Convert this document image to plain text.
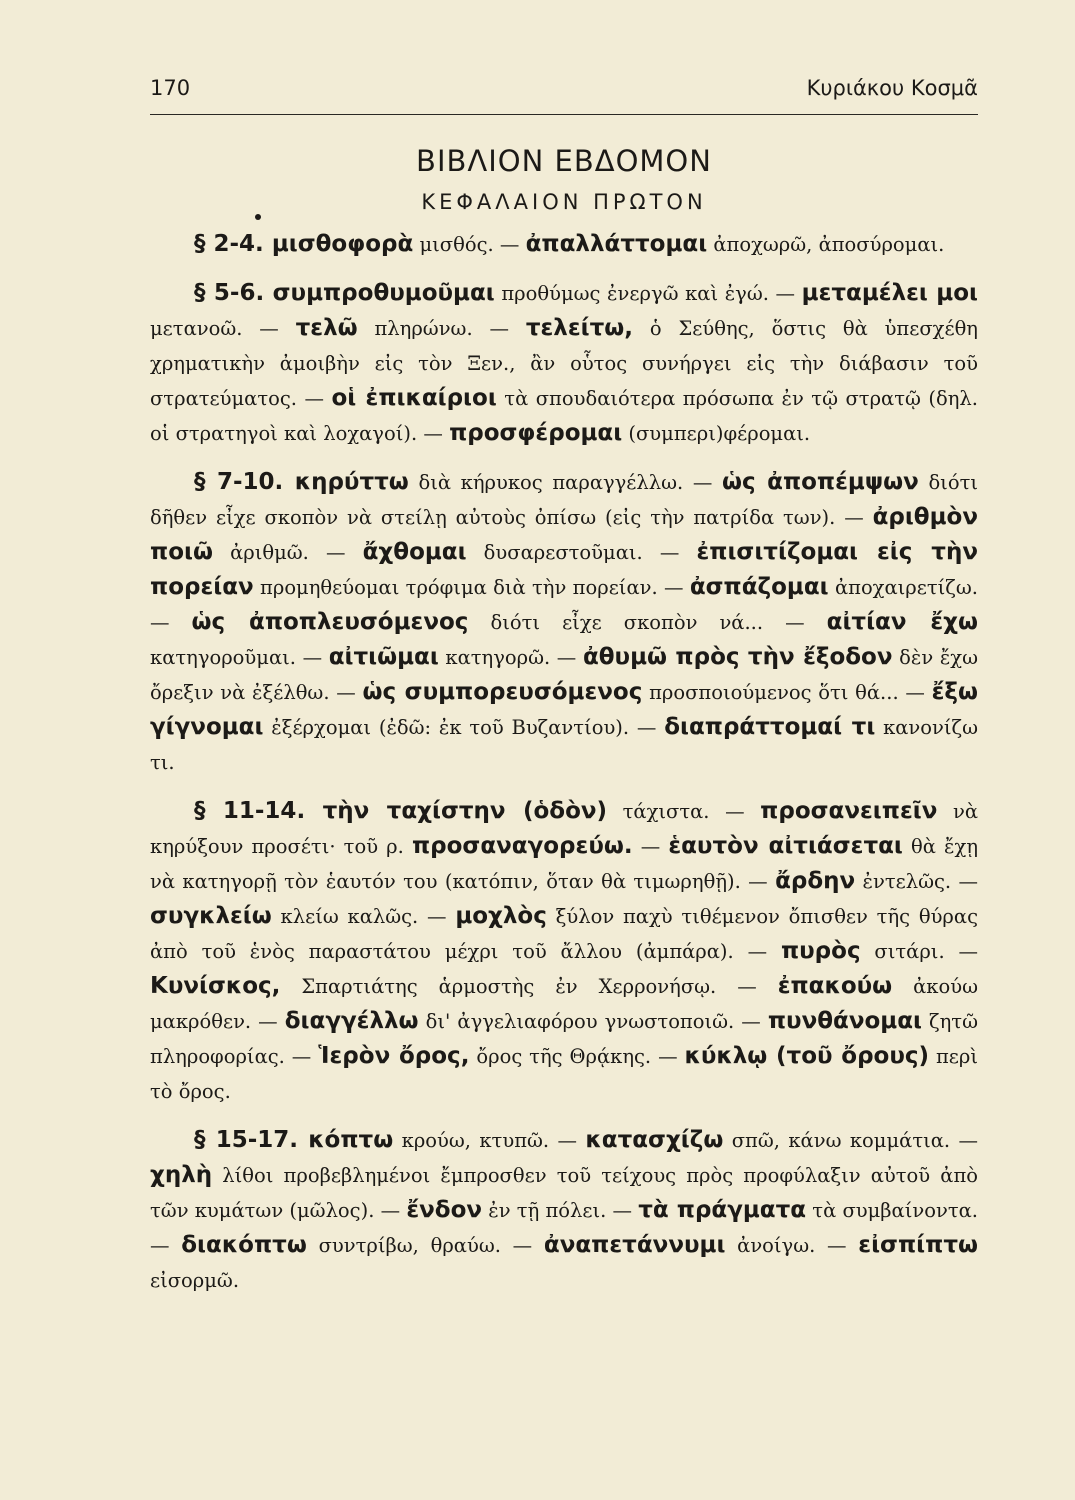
170	Κυριάκου Κοσμᾶ
ΒΙΒΛΙΟΝ ΕΒΔΟΜΟΝ
ΚΕΦΑΛΑΙΟΝ ΠΡΩΤΟΝ

§ 2-4. μισθοφορὰ μισθός. — ἀπαλλάττομαι ἀποχωρῶ, ἀποσύρομαι.

§ 5-6. συμπροθυμοῦμαι προθύμως ἐνεργῶ καὶ ἐγώ. — μεταμέλει μοι μετανοῶ. — τελῶ πληρώνω. — τελείτω, ὁ Σεύθης, ὅστις θὰ ὑπεσχέθη χρηματικὴν ἀμοιβὴν εἰς τὸν Ξεν., ἂν οὗτος συνήργει εἰς τὴν διάβασιν τοῦ στρατεύματος. — οἱ ἐπικαίριοι τὰ σπουδαιότερα πρόσωπα ἐν τῷ στρατῷ (δηλ. οἱ στρατηγοὶ καὶ λοχαγοί). — προσφέρομαι (συμπερι)φέρομαι.

§ 7-10. κηρύττω διὰ κήρυκος παραγγέλλω. — ὡς ἀποπέμψων διότι δῆθεν εἶχε σκοπὸν νὰ στείλῃ αὐτοὺς ὀπίσω (εἰς τὴν πατρίδα των). — ἀριθμὸν ποιῶ ἀριθμῶ. — ἄχθομαι δυσαρεστοῦμαι. — ἐπισιτίζομαι εἰς τὴν πορείαν προμηθεύομαι τρόφιμα διὰ τὴν πορείαν. — ἀσπάζομαι ἀποχαιρετίζω. — ὡς ἀποπλευσόμενος διότι εἶχε σκοπὸν νά... — αἰτίαν ἔχω κατηγοροῦμαι. — αἰτιῶμαι κατηγορῶ. — ἀθυμῶ πρὸς τὴν ἔξοδον δὲν ἔχω ὄρεξιν νὰ ἐξέλθω. — ὡς συμπορευσόμενος προσποιούμενος ὅτι θά... — ἔξω γίγνομαι ἐξέρχομαι (ἐδῶ: ἐκ τοῦ Βυζαντίου). — διαπράττομαί τι κανονίζω τι.

§ 11-14. τὴν ταχίστην (ὁδὸν) τάχιστα. — προσανειπεῖν νὰ κηρύξουν προσέτι· τοῦ ρ. προσαναγορεύω. — ἑαυτὸν αἰτιάσεται θὰ ἔχῃ νὰ κατηγορῇ τὸν ἑαυτόν του (κατόπιν, ὅταν θὰ τιμωρηθῇ). — ἄρδην ἐντελῶς. — συγκλείω κλείω καλῶς. — μοχλὸς ξύλον παχὺ τιθέμενον ὄπισθεν τῆς θύρας ἀπὸ τοῦ ἑνὸς παραστάτου μέχρι τοῦ ἄλλου (ἀμπάρα). — πυρὸς σιτάρι. — Κυνίσκος, Σπαρτιάτης ἁρμοστὴς ἐν Χερρονήσῳ. — ἐπακούω ἀκούω μακρόθεν. — διαγγέλλω δι' ἀγγελιαφόρου γνωστοποιῶ. — πυνθάνομαι ζητῶ πληροφορίας. — Ἱερὸν ὄρος, ὄρος τῆς Θρᾴκης. — κύκλῳ (τοῦ ὄρους) περὶ τὸ ὄρος.

§ 15-17. κόπτω κρούω, κτυπῶ. — κατασχίζω σπῶ, κάνω κομμάτια. — χηλὴ λίθοι προβεβλημένοι ἔμπροσθεν τοῦ τείχους πρὸς προφύλαξιν αὐτοῦ ἀπὸ τῶν κυμάτων (μῶλος). — ἔνδον ἐν τῇ πόλει. — τὰ πράγματα τὰ συμβαίνοντα. — διακόπτω συντρίβω, θραύω. — ἀναπετάννυμι ἀνοίγω. — εἰσπίπτω εἰσορμῶ.
